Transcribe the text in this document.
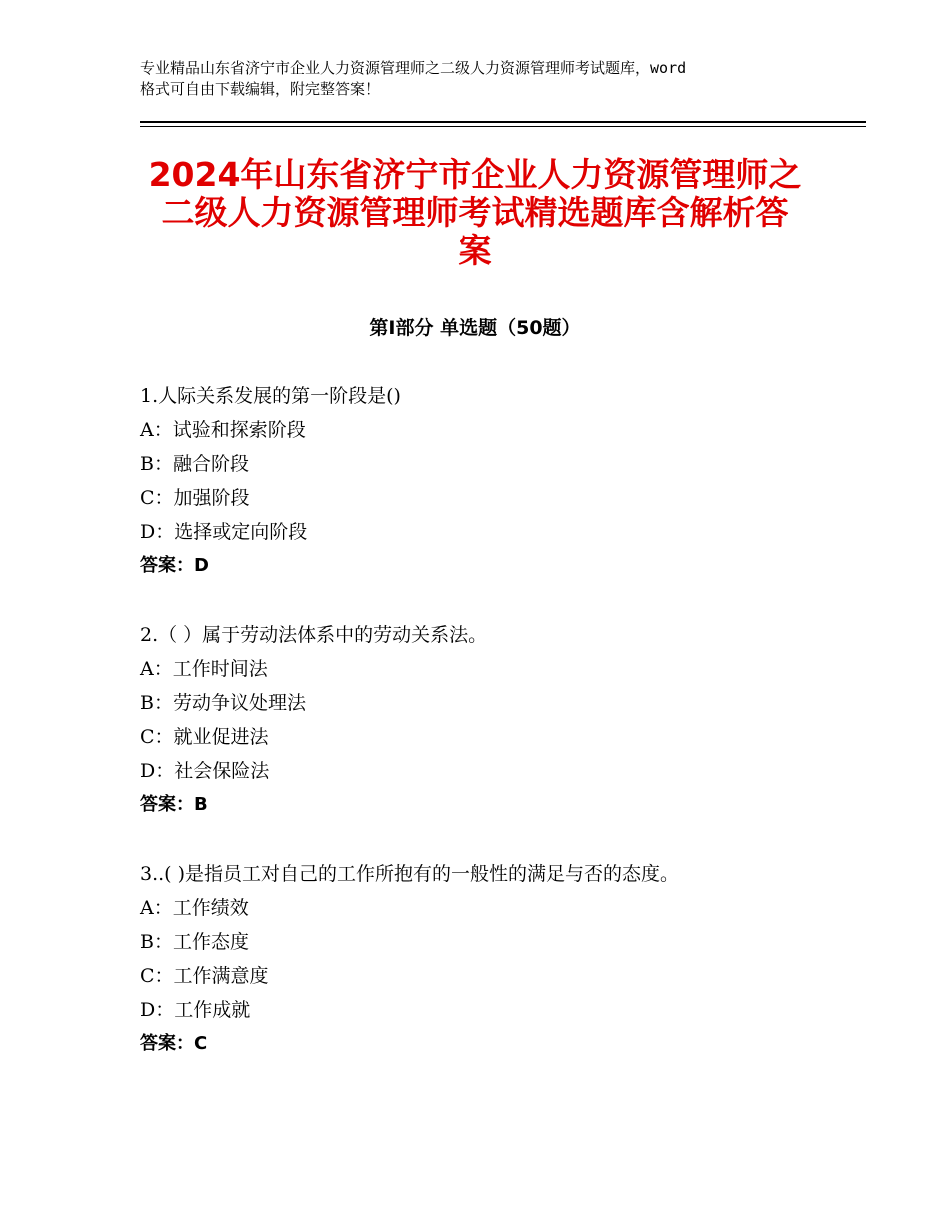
专业精品山东省济宁市企业人力资源管理师之二级人力资源管理师考试题库，word
格式可自由下载编辑，附完整答案！
2024年山东省济宁市企业人力资源管理师之
二级人力资源管理师考试精选题库含解析答
案
第Ⅰ部分 单选题（50题）
1.人际关系发展的第一阶段是()
A：试验和探索阶段
B：融合阶段
C：加强阶段
D：选择或定向阶段
答案：D
2.（ ）属于劳动法体系中的劳动关系法。
A：工作时间法
B：劳动争议处理法
C：就业促进法
D：社会保险法
答案：B
3..( )是指员工对自己的工作所抱有的一般性的满足与否的态度。
A：工作绩效
B：工作态度
C：工作满意度
D：工作成就
答案：C
